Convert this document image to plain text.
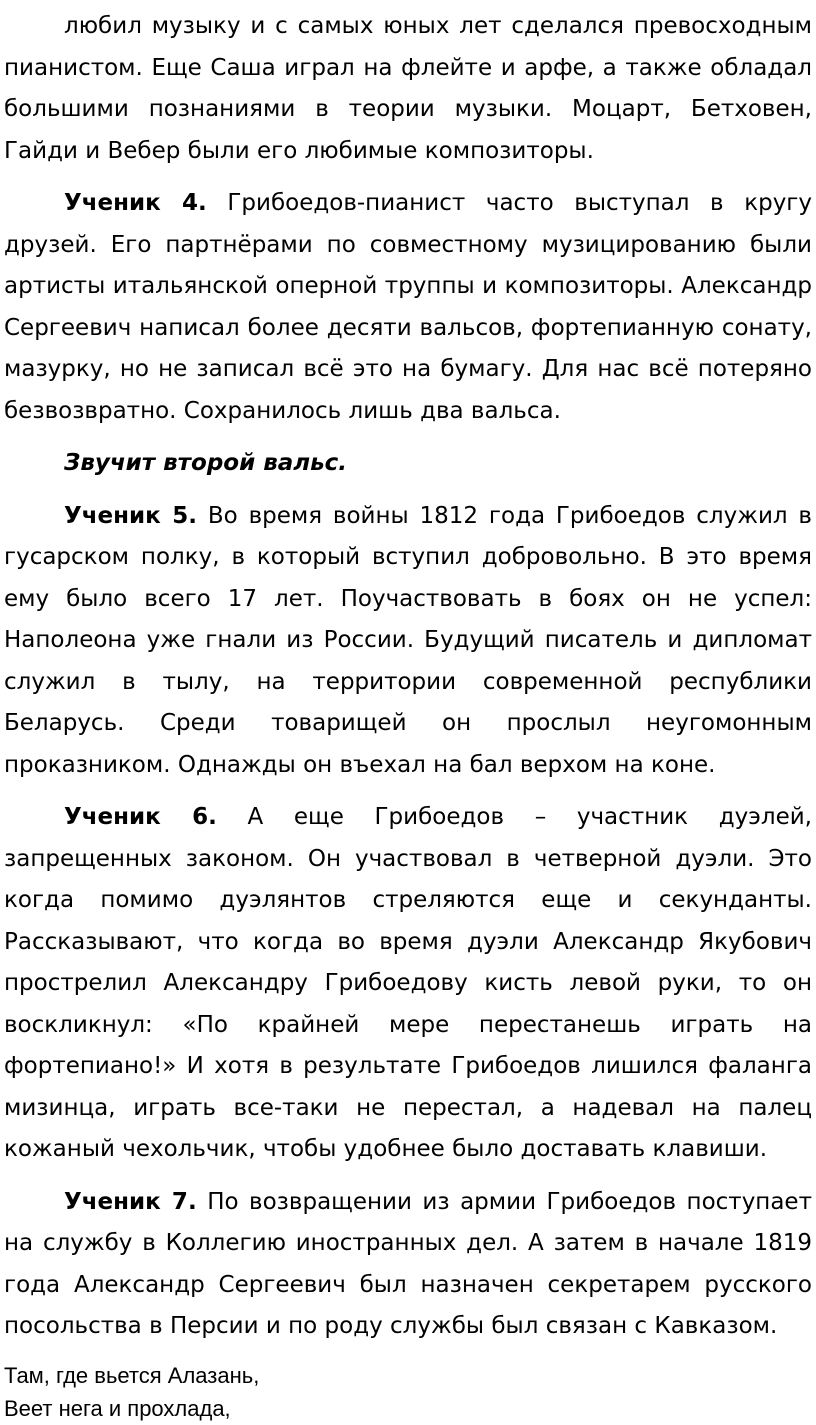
любил музыку и с самых юных лет сделался превосходным пианистом. Еще Саша играл на флейте и арфе, а также обладал большими познаниями в теории музыки. Моцарт, Бетховен, Гайди и Вебер были его любимые композиторы.

Ученик 4. Грибоедов-пианист часто выступал в кругу друзей. Его партнёрами по совместному музицированию были артисты итальянской оперной труппы и композиторы. Александр Сергеевич написал более десяти вальсов, фортепианную сонату, мазурку, но не записал всё это на бумагу. Для нас всё потеряно безвозвратно. Сохранилось лишь два вальса.

Звучит второй вальс.

Ученик 5. Во время войны 1812 года Грибоедов служил в гусарском полку, в который вступил добровольно. В это время ему было всего 17 лет. Поучаствовать в боях он не успел: Наполеона уже гнали из России. Будущий писатель и дипломат служил в тылу, на территории современной республики Беларусь. Среди товарищей он прослыл неугомонным проказником. Однажды он въехал на бал верхом на коне.

Ученик 6. А еще Грибоедов – участник дуэлей, запрещенных законом. Он участвовал в четверной дуэли. Это когда помимо дуэлянтов стреляются еще и секунданты. Рассказывают, что когда во время дуэли Александр Якубович прострелил Александру Грибоедову кисть левой руки, то он воскликнул: «По крайней мере перестанешь играть на фортепиано!» И хотя в результате Грибоедов лишился фаланга мизинца, играть все-таки не перестал, а надевал на палец кожаный чехольчик, чтобы удобнее было доставать клавиши.

Ученик 7. По возвращении из армии Грибоедов поступает на службу в Коллегию иностранных дел. А затем в начале 1819 года Александр Сергеевич был назначен секретарем русского посольства в Персии и по роду службы был связан с Кавказом.

Там, где вьется Алазань,
Веет нега и прохлада,
